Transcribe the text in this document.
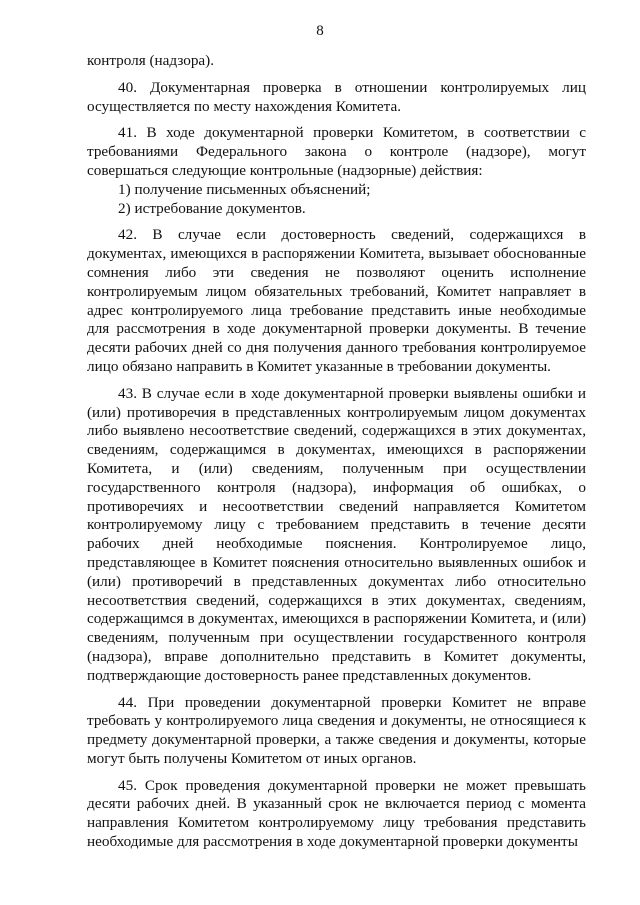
8

контроля (надзора).

40. Документарная проверка в отношении контролируемых лиц осуществляется по месту нахождения Комитета.

41. В ходе документарной проверки Комитетом, в соответствии с требованиями Федерального закона о контроле (надзоре), могут совершаться следующие контрольные (надзорные) действия:

1) получение письменных объяснений;

2) истребование документов.

42. В случае если достоверность сведений, содержащихся в документах, имеющихся в распоряжении Комитета, вызывает обоснованные сомнения либо эти сведения не позволяют оценить исполнение контролируемым лицом обязательных требований, Комитет направляет в адрес контролируемого лица требование представить иные необходимые для рассмотрения в ходе документарной проверки документы. В течение десяти рабочих дней со дня получения данного требования контролируемое лицо обязано направить в Комитет указанные в требовании документы.

43. В случае если в ходе документарной проверки выявлены ошибки и (или) противоречия в представленных контролируемым лицом документах либо выявлено несоответствие сведений, содержащихся в этих документах, сведениям, содержащимся в документах, имеющихся в распоряжении Комитета, и (или) сведениям, полученным при осуществлении государственного контроля (надзора), информация об ошибках, о противоречиях и несоответствии сведений направляется Комитетом контролируемому лицу с требованием представить в течение десяти рабочих дней необходимые пояснения. Контролируемое лицо, представляющее в Комитет пояснения относительно выявленных ошибок и (или) противоречий в представленных документах либо относительно несоответствия сведений, содержащихся в этих документах, сведениям, содержащимся в документах, имеющихся в распоряжении Комитета, и (или) сведениям, полученным при осуществлении государственного контроля (надзора), вправе дополнительно представить в Комитет документы, подтверждающие достоверность ранее представленных документов.

44. При проведении документарной проверки Комитет не вправе требовать у контролируемого лица сведения и документы, не относящиеся к предмету документарной проверки, а также сведения и документы, которые могут быть получены Комитетом от иных органов.

45. Срок проведения документарной проверки не может превышать десяти рабочих дней. В указанный срок не включается период с момента направления Комитетом контролируемому лицу требования представить необходимые для рассмотрения в ходе документарной проверки документы
